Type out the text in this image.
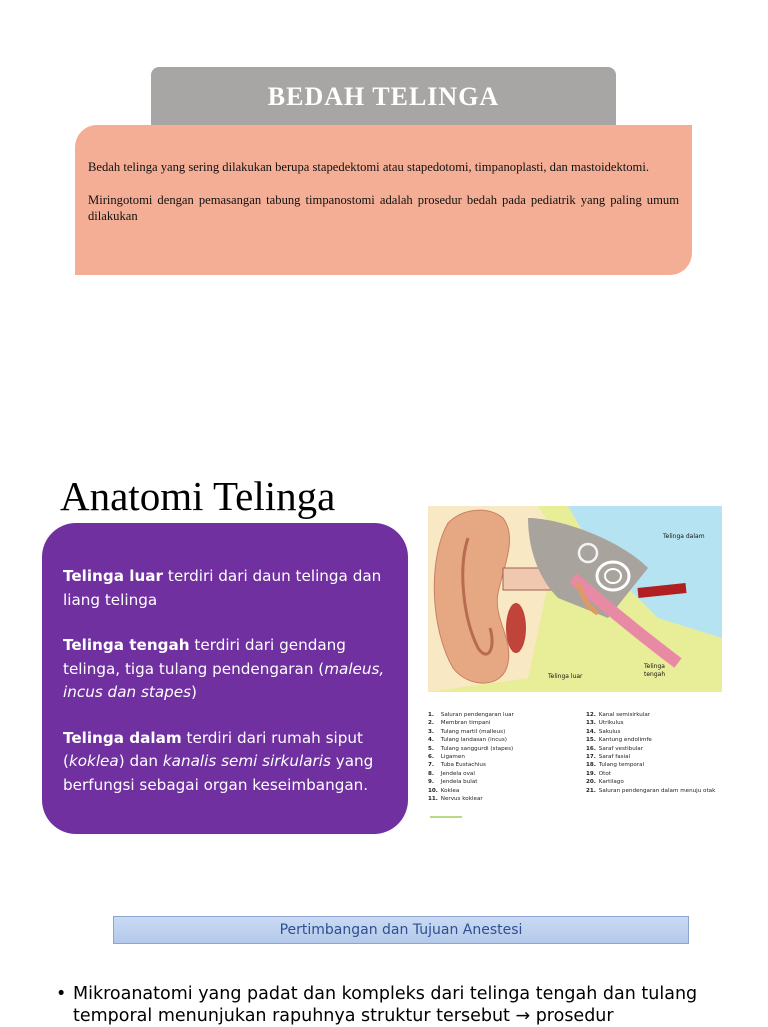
BEDAH TELINGA

Bedah telinga yang sering dilakukan berupa stapedektomi atau stapedotomi, timpanoplasti, dan mastoidektomi.

Miringotomi dengan pemasangan tabung timpanostomi adalah prosedur bedah pada pediatrik yang paling umum dilakukan

Anatomi Telinga

Telinga luar terdiri dari daun telinga dan liang telinga

Telinga tengah terdiri dari gendang telinga, tiga tulang pendengaran (maleus, incus dan stapes)

Telinga dalam terdiri dari rumah siput (koklea) dan kanalis semi sirkularis yang berfungsi sebagai organ keseimbangan.

Telinga dalam
Telinga luar
Telinga
tengah
1. Saluran pendengaran luar
2. Membran timpani
3. Tulang martil (malleus)
4. Tulang landasan (incus)
5. Tulang sanggurdi (stapes)
6. Ligamen
7. Tuba Eustachius
8. Jendela oval
9. Jendela bulat
10. Koklea
11. Nervus koklear
12. Kanal semisirkular
13. Utrikulus
14. Sakulus
15. Kantung endolimfe
16. Saraf vestibular
17. Saraf fasial
18. Tulang temporal
19. Otot
20. Kartilago
21. Saluran pendengaran dalam menuju otak
Pertimbangan dan Tujuan Anestesi
• Mikroanatomi yang padat dan kompleks dari telinga tengah dan tulang temporal menunjukan rapuhnya struktur tersebut → prosedur
